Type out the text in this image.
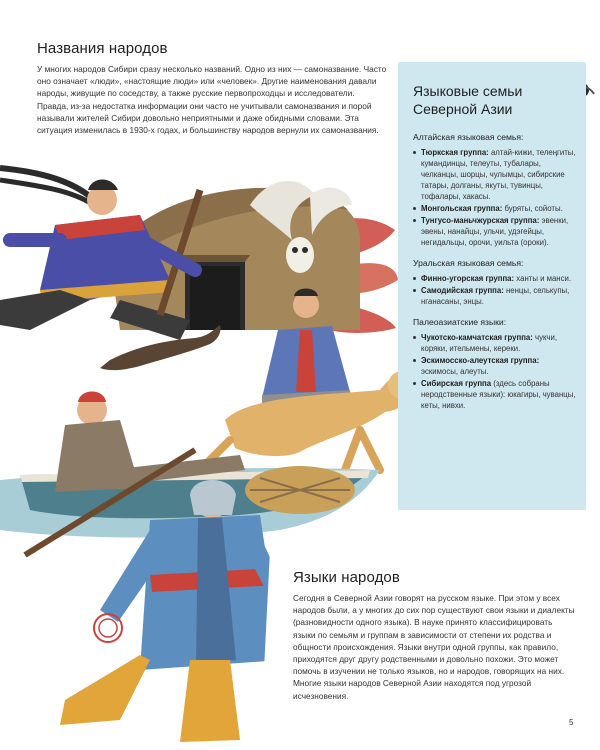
Названия народов

У многих народов Сибири сразу несколько названий. Одно из них — самоназвание. Часто оно означает «люди», «настоящие люди» или «человек». Другие наименования давали народы, живущие по соседству, а также русские первопроходцы и исследователи. Правда, из-за недостатка информации они часто не учитывали самоназвания и порой называли жителей Сибири довольно неприятными и даже обидными словами. Эта ситуация изменилась в 1930-х годах, и большинству народов вернули их самоназвания.

Языковые семьи
Северной Азии
Алтайская языковая семья:
Тюркская группа: алтай-кижи, телеңгиты, кумандинцы, телеуты, тубалары, челканцы, шорцы, чулымцы, сибирские татары, долганы, якуты, тувинцы, тофалары, хакасы.
Монгольская группа: буряты, сойоты.
Тунгусо-маньчжурская группа: эвенки, эвены, нанайцы, ульчи, удэгейцы, негидальцы, орочи, уильта (ороки).
Уральская языковая семья:
Финно-угорская группа: ханты и манси.
Самодийская группа: ненцы, селькупы, нганасаны, энцы.
Палеоазиатские языки:
Чукотско-камчатская группа: чукчи, коряки, ительмены, кереки.
Эскимосско-алеутская группа: эскимосы, алеуты.
Сибирская группа (здесь собраны неродственные языки): юкагиры, чуванцы, кеты, нивхи.
Языки народов

Сегодня в Северной Азии говорят на русском языке. При этом у всех народов были, а у многих до сих пор существуют свои языки и диалекты (разновидности одного языка). В науке принято классифицировать языки по семьям и группам в зависимости от степени их родства и общности происхождения. Языки внутри одной группы, как правило, приходятся друг другу родственными и довольно похожи. Это может помочь в изучении не только языков, но и народов, говорящих на них. Многие языки народов Северной Азии находятся под угрозой исчезновения.

5
